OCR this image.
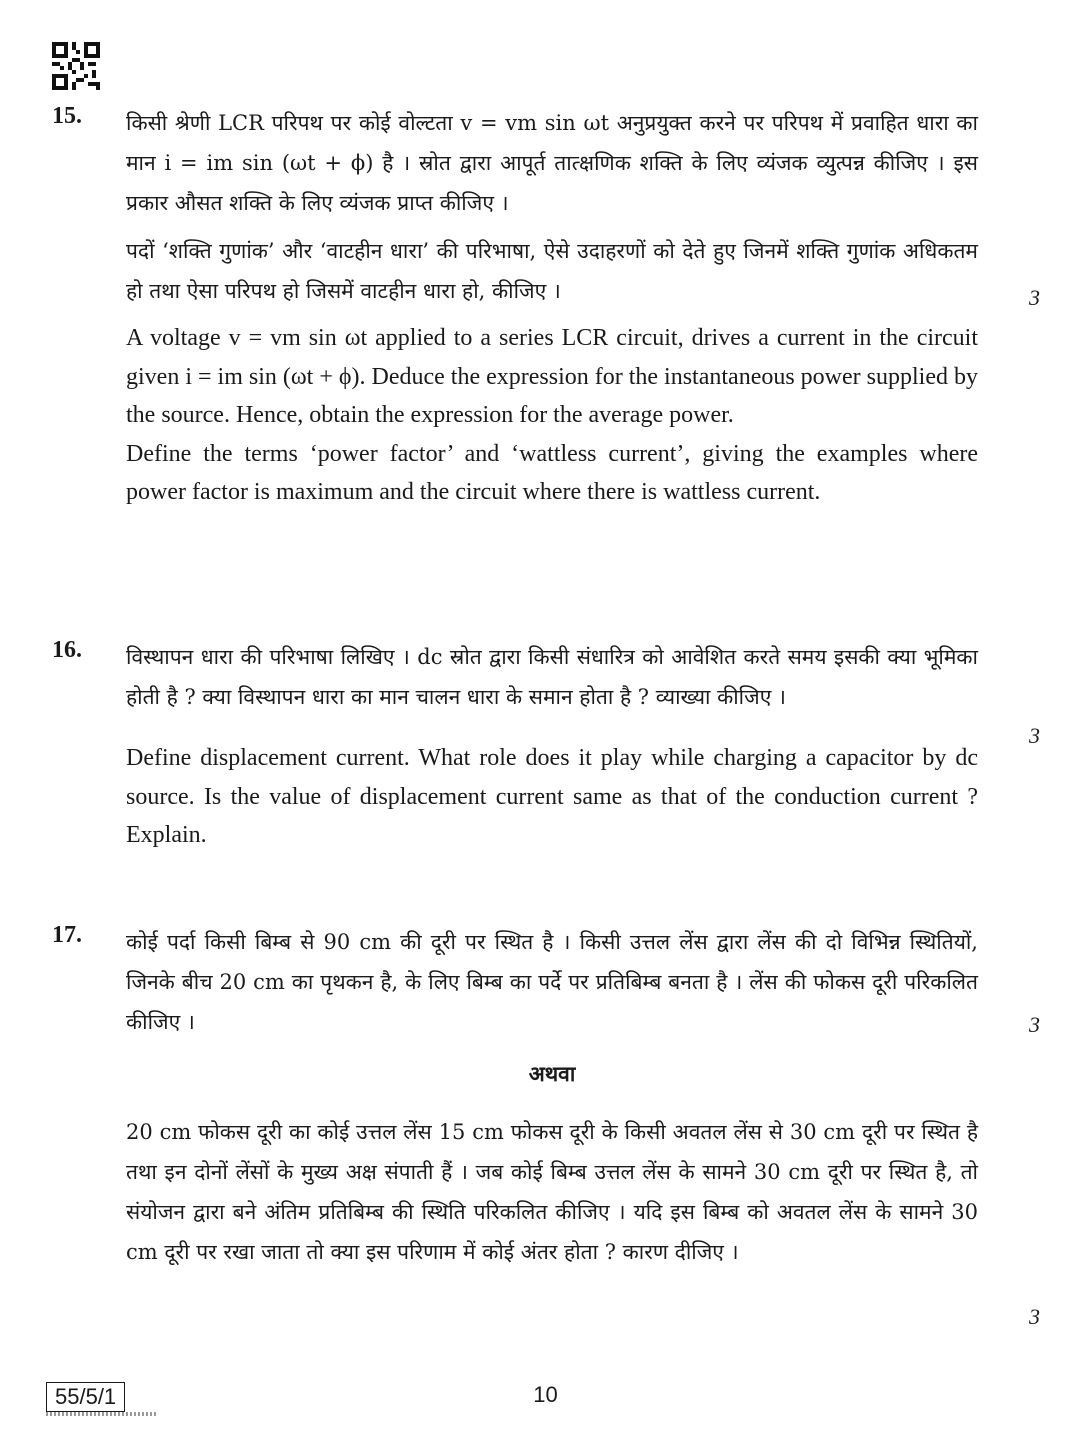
15. किसी श्रेणी LCR परिपथ पर कोई वोल्टता v = vm sin ωt अनुप्रयुक्त करने पर परिपथ में प्रवाहित धारा का मान i = im sin (ωt + ϕ) है । स्रोत द्वारा आपूर्त तात्क्षणिक शक्ति के लिए व्यंजक व्युत्पन्न कीजिए । इस प्रकार औसत शक्ति के लिए व्यंजक प्राप्त कीजिए ।

पदों ‘शक्ति गुणांक’ और ‘वाटहीन धारा’ की परिभाषा, ऐसे उदाहरणों को देते हुए जिनमें शक्ति गुणांक अधिकतम हो तथा ऐसा परिपथ हो जिसमें वाटहीन धारा हो, कीजिए ।

A voltage v = vm sin ωt applied to a series LCR circuit, drives a current in the circuit given i = im sin (ωt + ϕ). Deduce the expression for the instantaneous power supplied by the source. Hence, obtain the expression for the average power.

Define the terms ‘power factor’ and ‘wattless current’, giving the examples where power factor is maximum and the circuit where there is wattless current.

3
16. विस्थापन धारा की परिभाषा लिखिए । dc स्रोत द्वारा किसी संधारित्र को आवेशित करते समय इसकी क्या भूमिका होती है ? क्या विस्थापन धारा का मान चालन धारा के समान होता है ? व्याख्या कीजिए ।

Define displacement current. What role does it play while charging a capacitor by dc source. Is the value of displacement current same as that of the conduction current ? Explain.

3
17. कोई पर्दा किसी बिम्ब से 90 cm की दूरी पर स्थित है । किसी उत्तल लेंस द्वारा लेंस की दो विभिन्न स्थितियों, जिनके बीच 20 cm का पृथकन है, के लिए बिम्ब का पर्दे पर प्रतिबिम्ब बनता है । लेंस की फोकस दूरी परिकलित कीजिए ।

अथवा

20 cm फोकस दूरी का कोई उत्तल लेंस 15 cm फोकस दूरी के किसी अवतल लेंस से 30 cm दूरी पर स्थित है तथा इन दोनों लेंसों के मुख्य अक्ष संपाती हैं । जब कोई बिम्ब उत्तल लेंस के सामने 30 cm दूरी पर स्थित है, तो संयोजन द्वारा बने अंतिम प्रतिबिम्ब की स्थिति परिकलित कीजिए । यदि इस बिम्ब को अवतल लेंस के सामने 30 cm दूरी पर रखा जाता तो क्या इस परिणाम में कोई अंतर होता ? कारण दीजिए ।

3
3
55/5/1	10
